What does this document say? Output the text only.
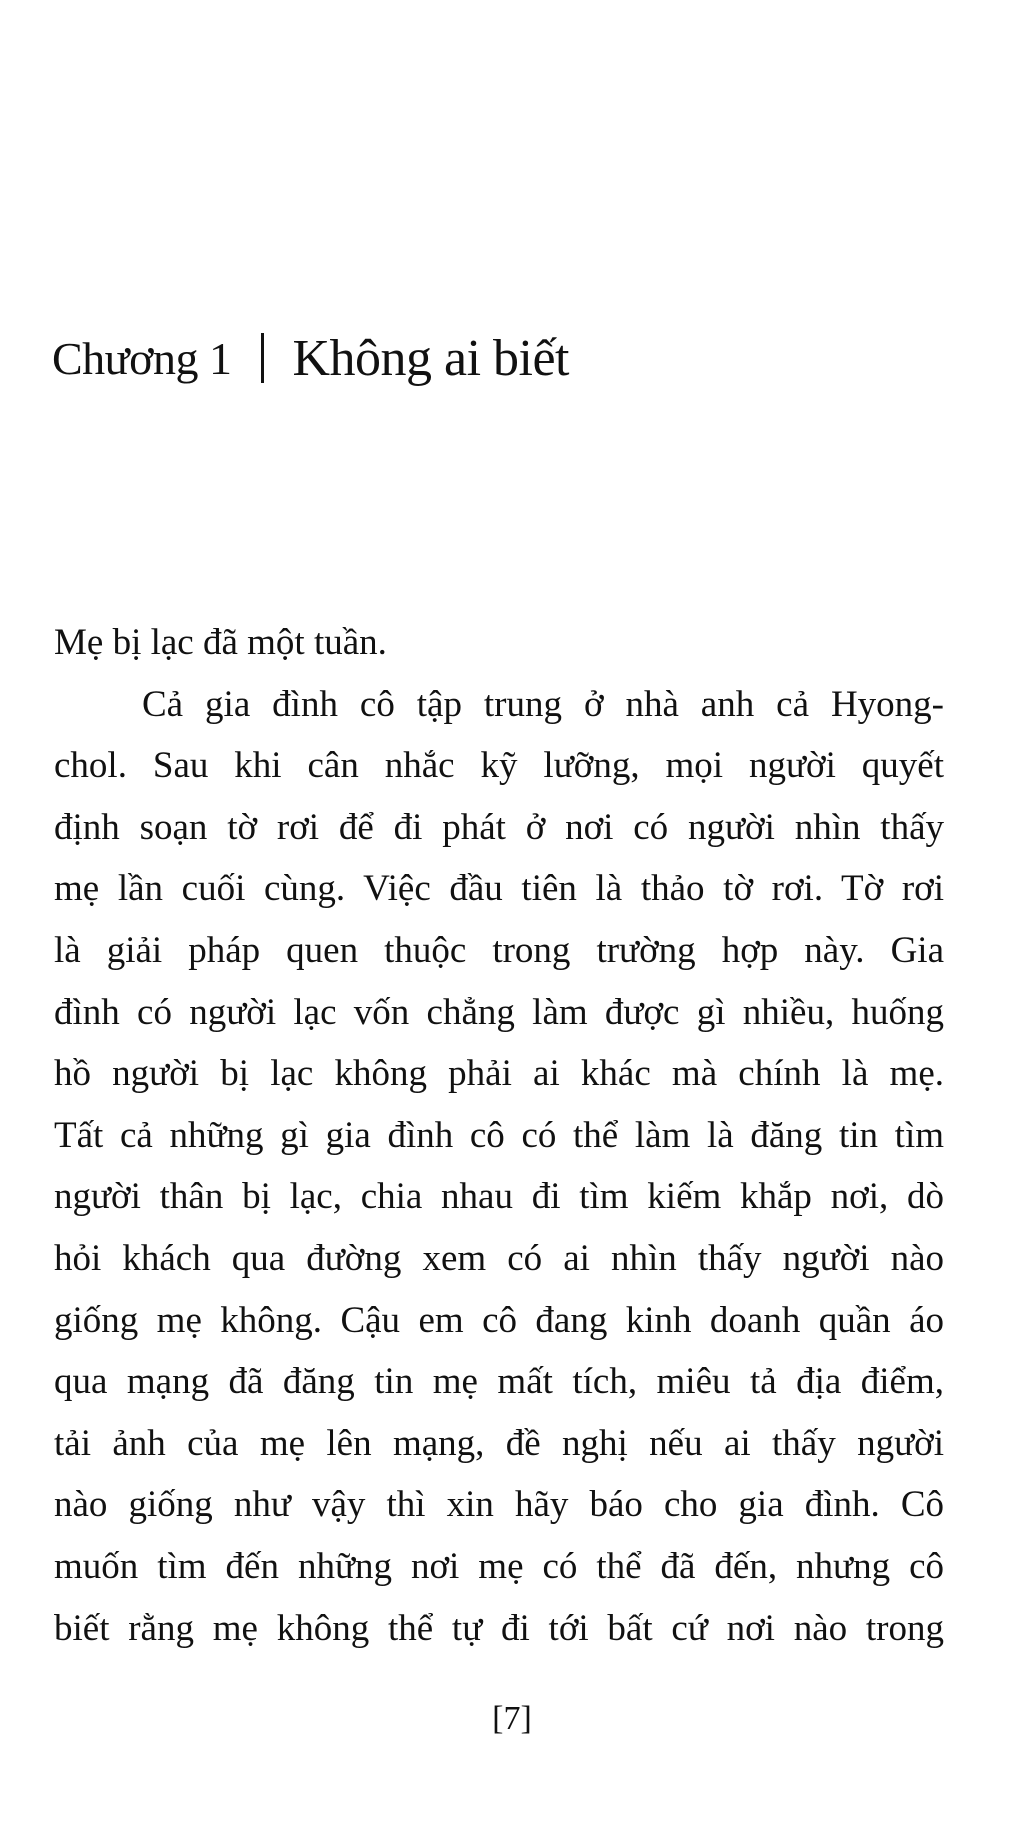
Chương 1 Không ai biết
Mẹ bị lạc đã một tuần.
Cả gia đình cô tập trung ở nhà anh cả Hyong-
chol. Sau khi cân nhắc kỹ lưỡng, mọi người quyết
định soạn tờ rơi để đi phát ở nơi có người nhìn thấy
mẹ lần cuối cùng. Việc đầu tiên là thảo tờ rơi. Tờ rơi
là giải pháp quen thuộc trong trường hợp này. Gia
đình có người lạc vốn chẳng làm được gì nhiều, huống
hồ người bị lạc không phải ai khác mà chính là mẹ.
Tất cả những gì gia đình cô có thể làm là đăng tin tìm
người thân bị lạc, chia nhau đi tìm kiếm khắp nơi, dò
hỏi khách qua đường xem có ai nhìn thấy người nào
giống mẹ không. Cậu em cô đang kinh doanh quần áo
qua mạng đã đăng tin mẹ mất tích, miêu tả địa điểm,
tải ảnh của mẹ lên mạng, đề nghị nếu ai thấy người
nào giống như vậy thì xin hãy báo cho gia đình. Cô
muốn tìm đến những nơi mẹ có thể đã đến, nhưng cô
biết rằng mẹ không thể tự đi tới bất cứ nơi nào trong
[7]
